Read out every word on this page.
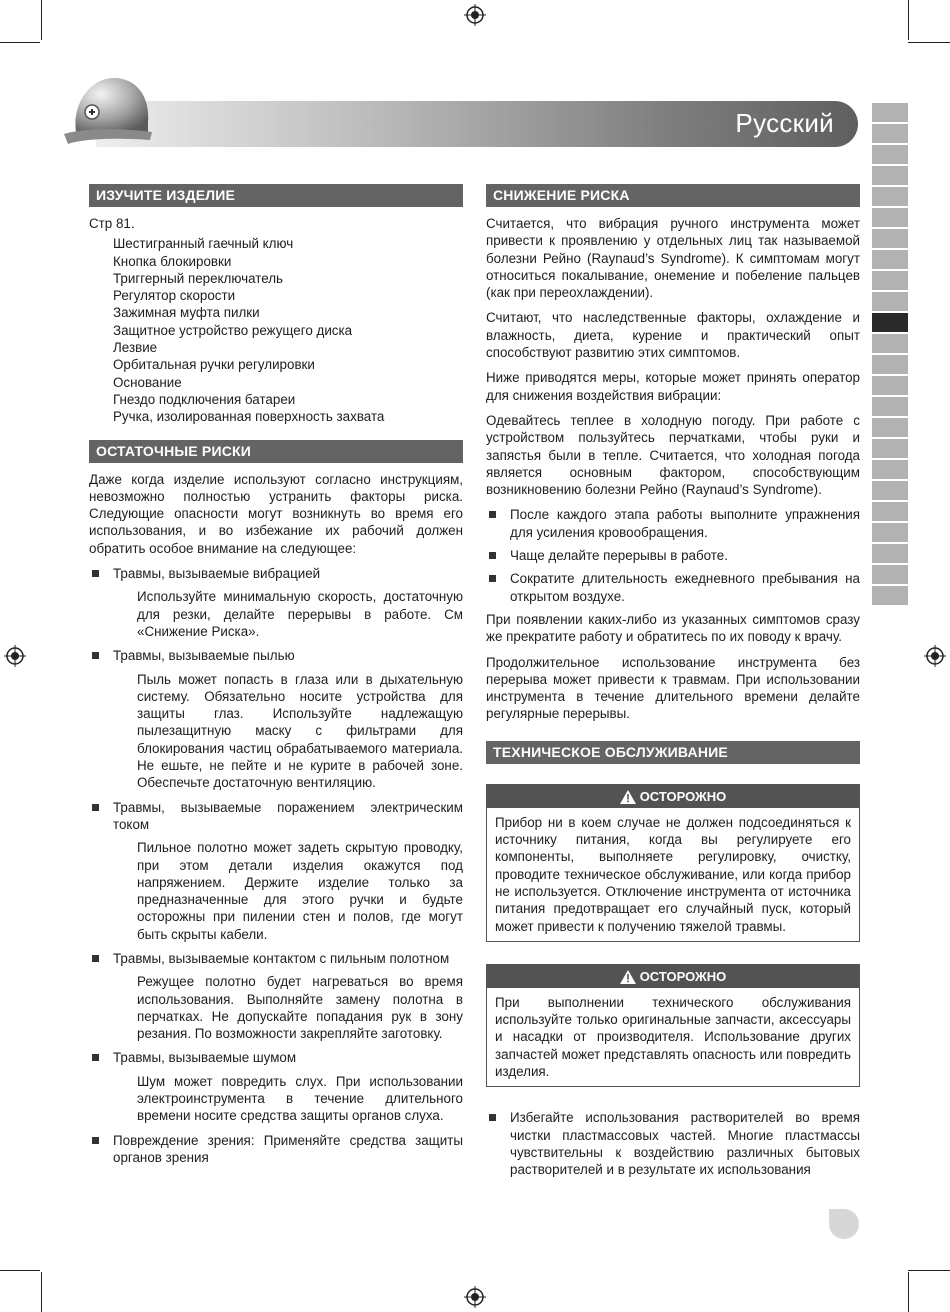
Русский
ИЗУЧИТЕ ИЗДЕЛИЕ

Стр 81.

Шестигранный гаечный ключ
Кнопка блокировки
Триггерный переключатель
Регулятор скорости
Зажимная муфта пилки
Защитное устройство режущего диска
Лезвие
Орбитальная ручки регулировки
Основание
Гнездо подключения батареи
Ручка, изолированная поверхность захвата
ОСТАТОЧНЫЕ РИСКИ

Даже когда изделие используют согласно инструкциям, невозможно полностью устранить факторы риска. Следующие опасности могут возникнуть во время его использования, и во избежание их рабочий должен обратить особое внимание на следующее:

Травмы, вызываемые вибрацией
Используйте минимальную скорость, достаточную для резки, делайте перерывы в работе. См «Снижение Риска».
Травмы, вызываемые пылью
Пыль может попасть в глаза или в дыхательную систему. Обязательно носите устройства для защиты глаз. Используйте надлежащую пылезащитную маску с фильтрами для блокирования частиц обрабатываемого материала. Не ешьте, не пейте и не курите в рабочей зоне. Обеспечьте достаточную вентиляцию.
Травмы, вызываемые поражением электрическим током
Пильное полотно может задеть скрытую проводку, при этом детали изделия окажутся под напряжением. Держите изделие только за предназначенные для этого ручки и будьте осторожны при пилении стен и полов, где могут быть скрыты кабели.
Травмы, вызываемые контактом с пильным полотном
Режущее полотно будет нагреваться во время использования. Выполняйте замену полотна в перчатках. Не допускайте попадания рук в зону резания. По возможности закрепляйте заготовку.
Травмы, вызываемые шумом
Шум может повредить слух. При использовании электроинструмента в течение длительного времени носите средства защиты органов слуха.
Повреждение зрения: Применяйте средства защиты органов зрения
СНИЖЕНИЕ РИСКА

Считается, что вибрация ручного инструмента может привести к проявлению у отдельных лиц так называемой болезни Рейно (Raynaud’s Syndrome). К симптомам могут относиться покалывание, онемение и побеление пальцев (как при переохлаждении).

Считают, что наследственные факторы, охлаждение и влажность, диета, курение и практический опыт способствуют развитию этих симптомов.

Ниже приводятся меры, которые может принять оператор для снижения воздействия вибрации:

Одевайтесь теплее в холодную погоду. При работе с устройством пользуйтесь перчатками, чтобы руки и запястья были в тепле. Считается, что холодная погода является основным фактором, способствующим возникновению болезни Рейно (Raynaud’s Syndrome).

После каждого этапа работы выполните упражнения для усиления кровообращения.
Чаще делайте перерывы в работе.
Сократите длительность ежедневного пребывания на открытом воздухе.

При появлении каких-либо из указанных симптомов сразу же прекратите работу и обратитесь по их поводу к врачу.

Продолжительное использование инструмента без перерыва может привести к травмам. При использовании инструмента в течение длительного времени делайте регулярные перерывы.

ТЕХНИЧЕСКОЕ ОБСЛУЖИВАНИЕ
ОСТОРОЖНО
Прибор ни в коем случае не должен подсоединяться к источнику питания, когда вы регулируете его компоненты, выполняете регулировку, очистку, проводите техническое обслуживание, или когда прибор не используется. Отключение инструмента от источника питания предотвращает его случайный пуск, который может привести к получению тяжелой травмы.
ОСТОРОЖНО
При выполнении технического обслуживания используйте только оригинальные запчасти, аксессуары и насадки от производителя. Использование других запчастей может представлять опасность или повредить изделия.
Избегайте использования растворителей во время чистки пластмассовых частей. Многие пластмассы чувствительны к воздействию различных бытовых растворителей и в результате их использования
